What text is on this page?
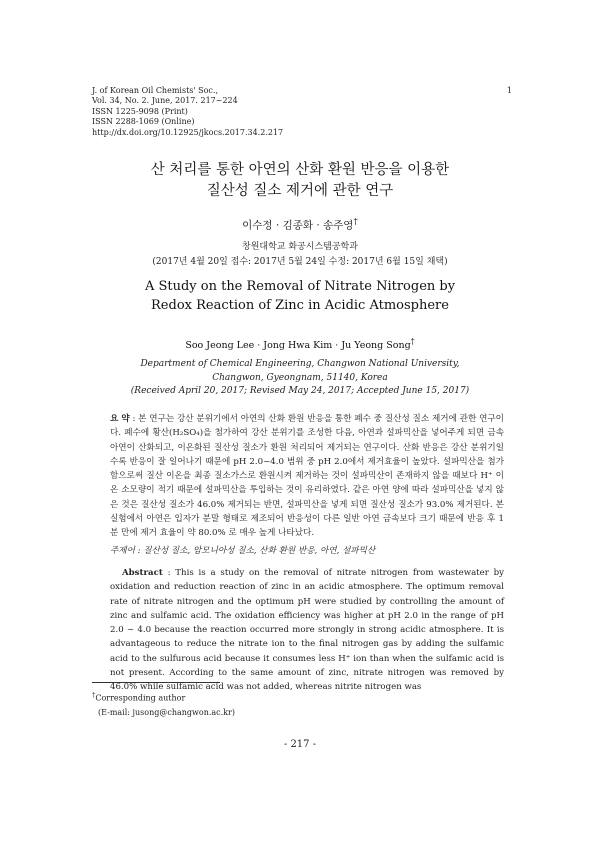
J. of Korean Oil Chemists' Soc.,
Vol. 34, No. 2. June, 2017. 217~224
ISSN 1225-9098 (Print)
ISSN 2288-1069 (Online)
http://dx.doi.org/10.12925/jkocs.2017.34.2.217
1
산 처리를 통한 아연의 산화 환원 반응을 이용한
질산성 질소 제거에 관한 연구
이수정 · 김종화 · 송주영†
창원대학교 화공시스템공학과
(2017년 4월 20일 접수: 2017년 5월 24일 수정: 2017년 6월 15일 채택)
A Study on the Removal of Nitrate Nitrogen by
Redox Reaction of Zinc in Acidic Atmosphere
Soo Jeong Lee · Jong Hwa Kim · Ju Yeong Song†
Department of Chemical Engineering, Changwon National University,
Changwon, Gyeongnam, 51140, Korea
(Received April 20, 2017; Revised May 24, 2017; Accepted June 15, 2017)

요 약 : 본 연구는 강산 분위기에서 아연의 산화 환원 반응을 통한 폐수 중 질산성 질소 제거에 관한 연구이다. 폐수에 황산(H₂SO₄)을 첨가하여 강산 분위기를 조성한 다음, 아연과 설파믹산을 넣어주게 되면 금속 아연이 산화되고, 이온화된 질산성 질소가 환원 처리되어 제거되는 연구이다. 산화 반응은 강산 분위기일수록 반응이 잘 일어나기 때문에 pH 2.0~4.0 범위 중 pH 2.0에서 제거효율이 높았다. 설파믹산을 첨가함으로써 질산 이온을 최종 질소가스로 환원시켜 제거하는 것이 설파믹산이 존재하지 않을 때보다 H⁺ 이온 소모량이 적기 때문에 설파믹산을 투입하는 것이 유리하였다. 같은 아연 양에 따라 설파믹산을 넣지 않은 것은 질산성 질소가 46.0% 제거되는 반면, 설파믹산을 넣게 되면 질산성 질소가 93.0% 제거된다. 본 실험에서 아연은 입자가 분말 형태로 제조되어 반응성이 다른 일반 아연 금속보다 크기 때문에 반응 후 1분 만에 제거 효율이 약 80.0% 로 매우 높게 나타났다.

주제어 : 질산성 질소, 암모니아성 질소, 산화 환원 반응, 아연, 설파믹산

Abstract : This is a study on the removal of nitrate nitrogen from wastewater by oxidation and reduction reaction of zinc in an acidic atmosphere. The optimum removal rate of nitrate nitrogen and the optimum pH were studied by controlling the amount of zinc and sulfamic acid. The oxidation efficiency was higher at pH 2.0 in the range of pH 2.0 ~ 4.0 because the reaction occurred more strongly in strong acidic atmosphere. It is advantageous to reduce the nitrate ion to the final nitrogen gas by adding the sulfamic acid to the sulfurous acid because it consumes less H⁺ ion than when the sulfamic acid is not present. According to the same amount of zinc, nitrate nitrogen was removed by 46.0% while sulfamic acid was not added, whereas nitrite nitrogen was

†Corresponding author
(E-mail: jusong@changwon.ac.kr)
- 217 -
